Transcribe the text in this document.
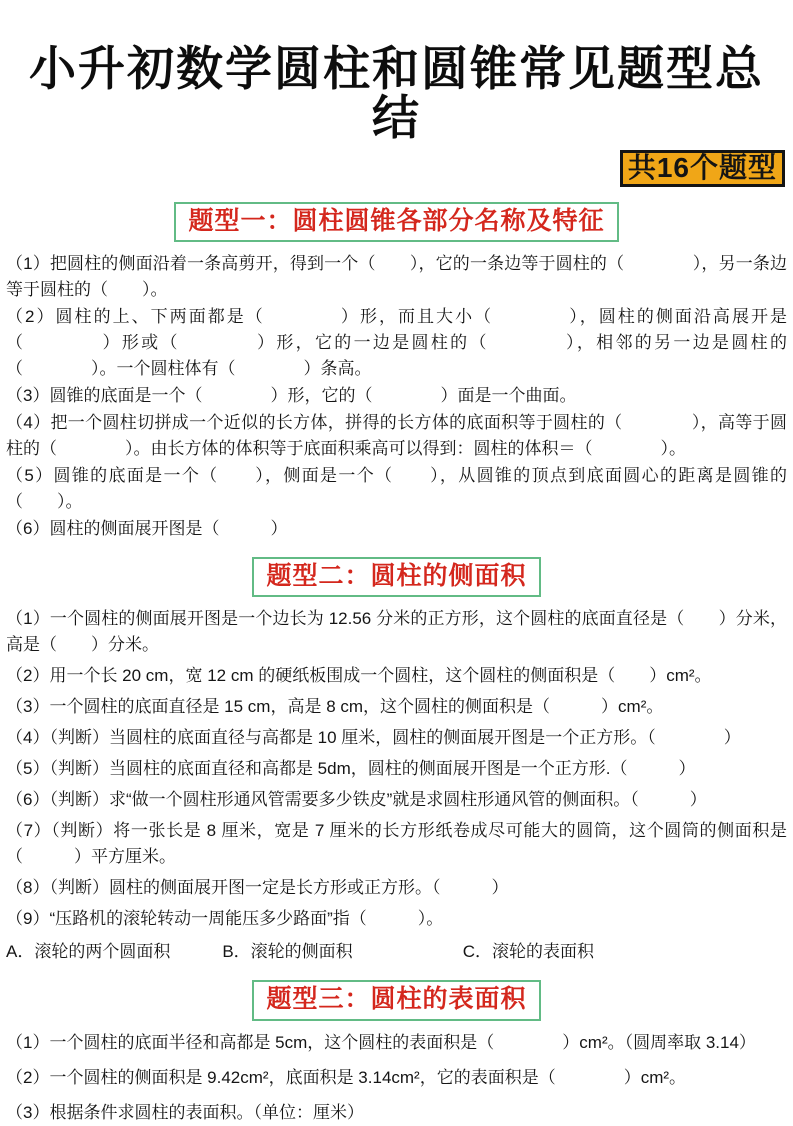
小升初数学圆柱和圆锥常见题型总结
共16个题型
题型一：圆柱圆锥各部分名称及特征

（1）把圆柱的侧面沿着一条高剪开，得到一个（　　），它的一条边等于圆柱的（　　　　），另一条边等于圆柱的（　　）。

（2）圆柱的上、下两面都是（　　　　）形，而且大小（　　　　），圆柱的侧面沿高展开是（　　　　）形或（　　　　）形，它的一边是圆柱的（　　　　），相邻的另一边是圆柱的（　　　　）。一个圆柱体有（　　　　）条高。

（3）圆锥的底面是一个（　　　　）形，它的（　　　　）面是一个曲面。

（4）把一个圆柱切拼成一个近似的长方体，拼得的长方体的底面积等于圆柱的（　　　　），高等于圆柱的（　　　　）。由长方体的体积等于底面积乘高可以得到：圆柱的体积＝（　　　　）。

（5）圆锥的底面是一个（　　），侧面是一个（　　），从圆锥的顶点到底面圆心的距离是圆锥的（　　）。

（6）圆柱的侧面展开图是（　　　）

题型二：圆柱的侧面积

（1）一个圆柱的侧面展开图是一个边长为 12.56 分米的正方形，这个圆柱的底面直径是（　　）分米，高是（　　）分米。

（2）用一个长 20 cm，宽 12 cm 的硬纸板围成一个圆柱，这个圆柱的侧面积是（　　）cm²。

（3）一个圆柱的底面直径是 15 cm，高是 8 cm，这个圆柱的侧面积是（　　　）cm²。

（4）（判断）当圆柱的底面直径与高都是 10 厘米，圆柱的侧面展开图是一个正方形。（　　　　）

（5）（判断）当圆柱的底面直径和高都是 5dm，圆柱的侧面展开图是一个正方形.（　　　）

（6）（判断）求“做一个圆柱形通风管需要多少铁皮”就是求圆柱形通风管的侧面积。（　　　）

（7）（判断）将一张长是 8 厘米，宽是 7 厘米的长方形纸卷成尽可能大的圆筒，这个圆筒的侧面积是（　　　）平方厘米。

（8）（判断）圆柱的侧面展开图一定是长方形或正方形。（　　　）

（9）“压路机的滚轮转动一周能压多少路面”指（　　　）。

A．滚轮的两个圆面积	B．滚轮的侧面积	C．滚轮的表面积
题型三：圆柱的表面积

（1）一个圆柱的底面半径和高都是 5cm，这个圆柱的表面积是（　　　　）cm²。（圆周率取 3.14）

（2）一个圆柱的侧面积是 9.42cm²，底面积是 3.14cm²，它的表面积是（　　　　）cm²。

（3）根据条件求圆柱的表面积。（单位：厘米）
